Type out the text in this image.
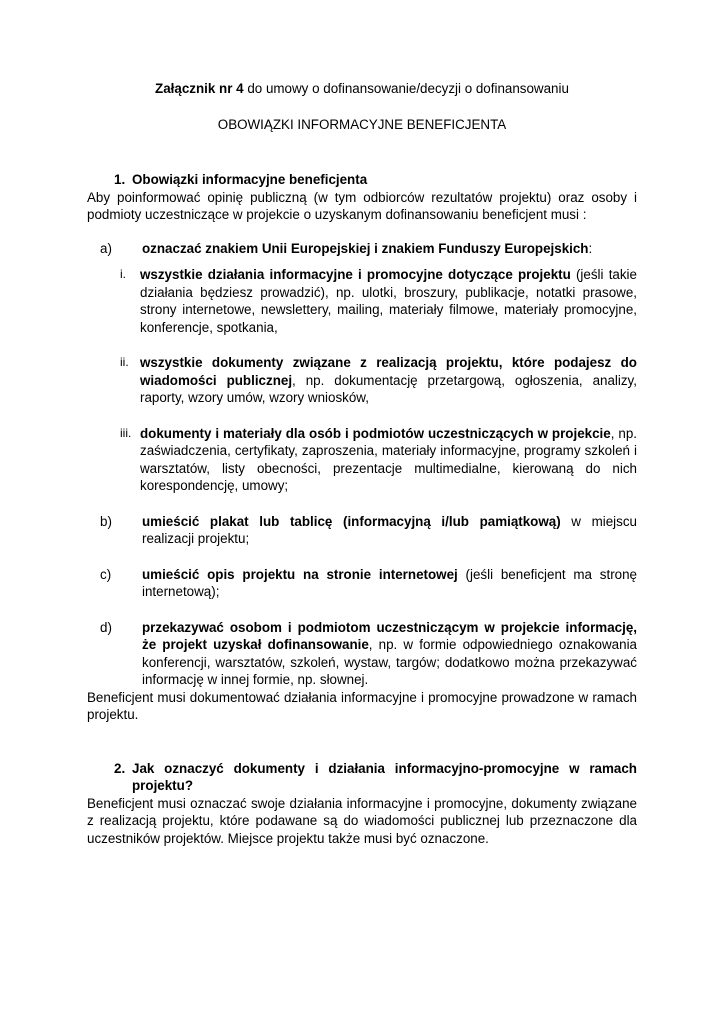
Załącznik nr 4 do umowy o dofinansowanie/decyzji o dofinansowaniu

OBOWIĄZKI INFORMACYJNE BENEFICJENTA

1. Obowiązki informacyjne beneficjenta

Aby poinformować opinię publiczną (w tym odbiorców rezultatów projektu) oraz osoby i podmioty uczestniczące w projekcie o uzyskanym dofinansowaniu beneficjent musi :

a)	oznaczać znakiem Unii Europejskiej i znakiem Funduszy Europejskich:
i.	wszystkie działania informacyjne i promocyjne dotyczące projektu (jeśli takie działania będziesz prowadzić), np. ulotki, broszury, publikacje, notatki prasowe, strony internetowe, newslettery, mailing, materiały filmowe, materiały promocyjne, konferencje, spotkania,
ii. wszystkie dokumenty związane z realizacją projektu, które podajesz do wiadomości publicznej, np. dokumentację przetargową, ogłoszenia, analizy, raporty, wzory umów, wzory wniosków,
iii. dokumenty i materiały dla osób i podmiotów uczestniczących w projekcie, np. zaświadczenia, certyfikaty, zaproszenia, materiały informacyjne, programy szkoleń i warsztatów, listy obecności, prezentacje multimedialne, kierowaną do nich korespondencję, umowy;
b)	umieścić plakat lub tablicę (informacyjną i/lub pamiątkową) w miejscu realizacji projektu;
c)	umieścić opis projektu na stronie internetowej (jeśli beneficjent ma stronę internetową);
d)	przekazywać osobom i podmiotom uczestniczącym w projekcie informację, że projekt uzyskał dofinansowanie, np. w formie odpowiedniego oznakowania konferencji, warsztatów, szkoleń, wystaw, targów; dodatkowo można przekazywać informację w innej formie, np. słownej.

Beneficjent musi dokumentować działania informacyjne i promocyjne prowadzone w ramach projektu.

2. Jak oznaczyć dokumenty i działania informacyjno-promocyjne w ramach projektu?

Beneficjent musi oznaczać swoje działania informacyjne i promocyjne, dokumenty związane z realizacją projektu, które podawane są do wiadomości publicznej lub przeznaczone dla uczestników projektów. Miejsce projektu także musi być oznaczone.
